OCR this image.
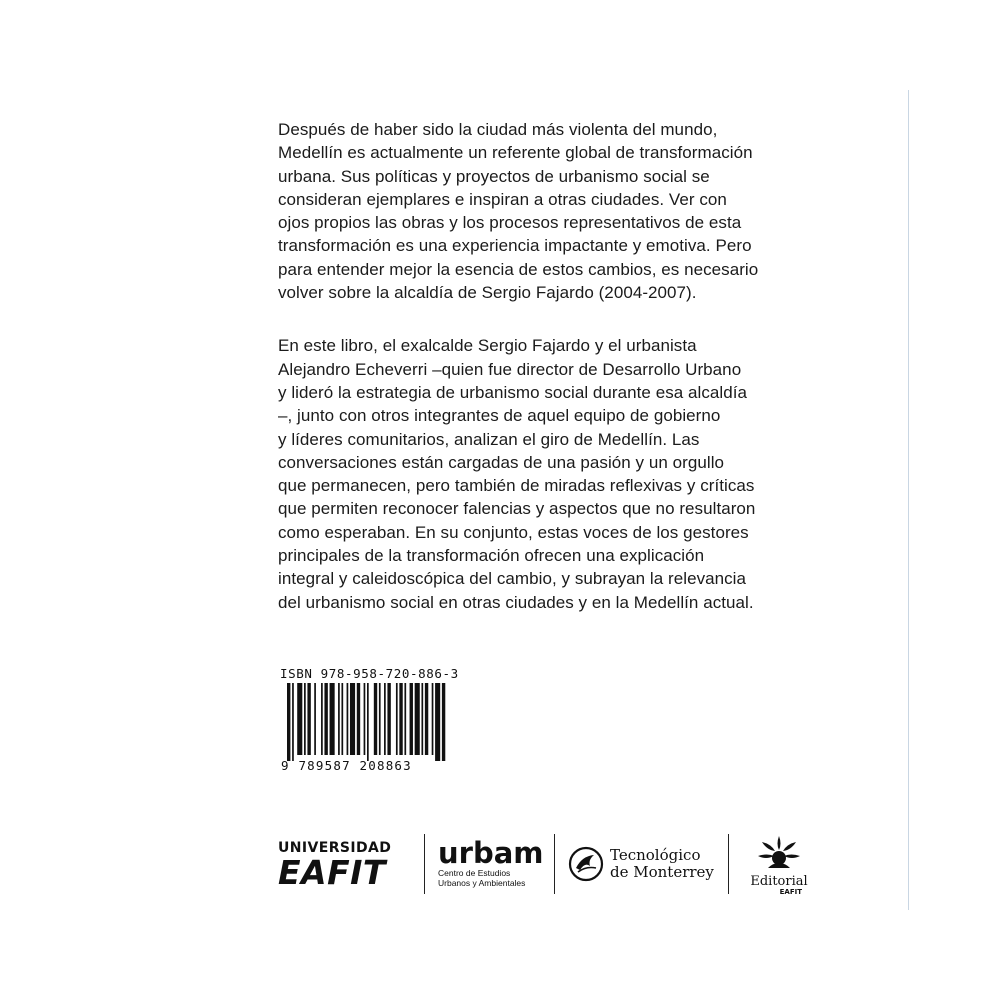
Después de haber sido la ciudad más violenta del mundo,

Medellín es actualmente un referente global de transformación

urbana. Sus políticas y proyectos de urbanismo social se

consideran ejemplares e inspiran a otras ciudades. Ver con

ojos propios las obras y los procesos representativos de esta

transformación es una experiencia impactante y emotiva. Pero

para entender mejor la esencia de estos cambios, es necesario

volver sobre la alcaldía de Sergio Fajardo (2004-2007).

En este libro, el exalcalde Sergio Fajardo y el urbanista

Alejandro Echeverri –quien fue director de Desarrollo Urbano

y lideró la estrategia de urbanismo social durante esa alcaldía

–, junto con otros integrantes de aquel equipo de gobierno

y líderes comunitarios, analizan el giro de Medellín. Las

conversaciones están cargadas de una pasión y un orgullo

que permanecen, pero también de miradas reflexivas y críticas

que permiten reconocer falencias y aspectos que no resultaron

como esperaban. En su conjunto, estas voces de los gestores

principales de la transformación ofrecen una explicación

integral y caleidoscópica del cambio, y subrayan la relevancia

del urbanismo social en otras ciudades y en la Medellín actual.

ISBN 978-958-720-886-3
9 789587 208863
UNIVERSIDAD
EAFIT urbam
Centro de Estudios
Urbanos y Ambientales
Tecnológico
de Monterrey
Editorial
EAFIT
